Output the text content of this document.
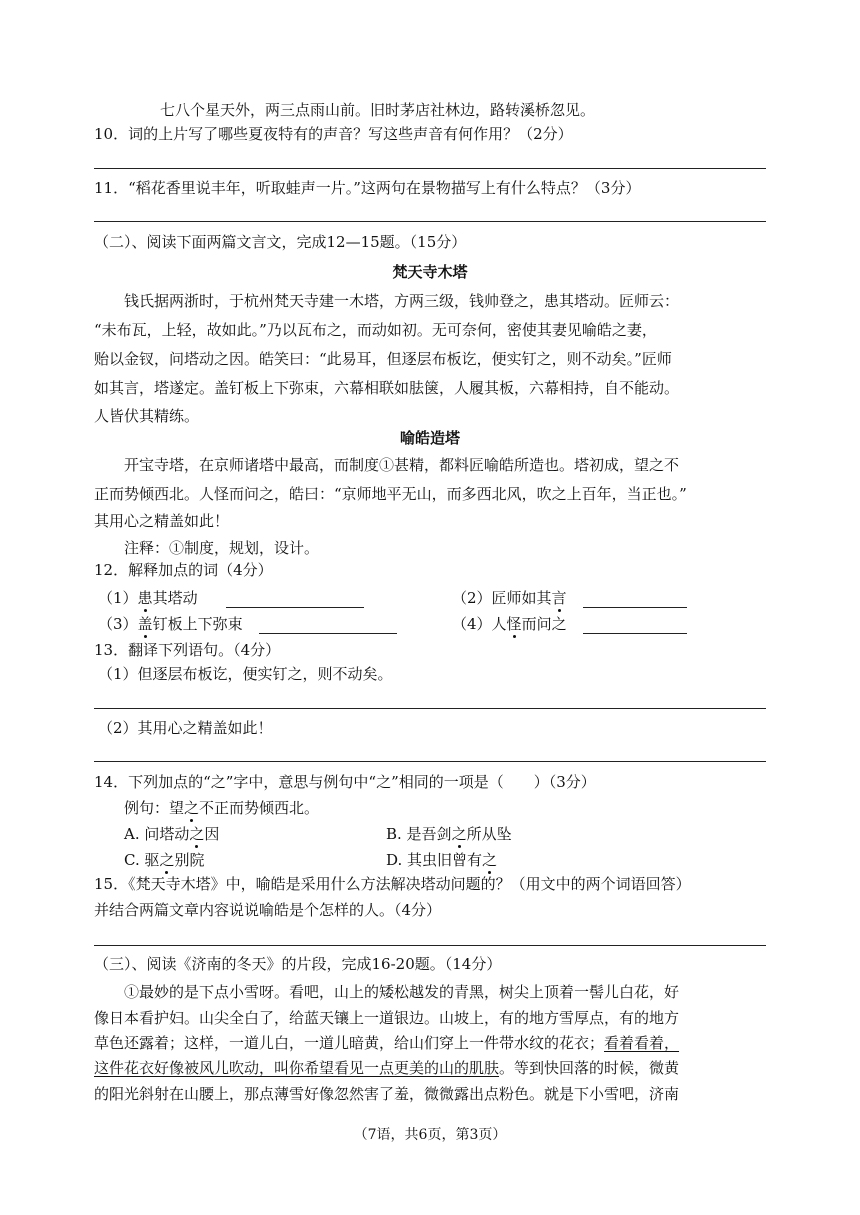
七八个星天外，两三点雨山前。旧时茅店社林边，路转溪桥忽见。
10．词的上片写了哪些夏夜特有的声音？写这些声音有何作用？（2分）
11．“稻花香里说丰年，听取蛙声一片。”这两句在景物描写上有什么特点？（3分）
（二）、阅读下面两篇文言文，完成12—15题。（15分）
梵天寺木塔
钱氏据两浙时，于杭州梵天寺建一木塔，方两三级，钱帅登之，患其塔动。匠师云：
“未布瓦，上轻，故如此。”乃以瓦布之，而动如初。无可奈何，密使其妻见喻皓之妻，
贻以金钗，问塔动之因。皓笑曰：“此易耳，但逐层布板讫，便实钉之，则不动矣。”匠师
如其言，塔遂定。盖钉板上下弥束，六幕相联如胠箧，人履其板，六幕相持，自不能动。
人皆伏其精练。
喻皓造塔
开宝寺塔，在京师诸塔中最高，而制度①甚精，都料匠喻皓所造也。塔初成，望之不
正而势倾西北。人怪而问之，皓曰：“京师地平无山，而多西北风，吹之上百年，当正也。”
其用心之精盖如此！
注释：①制度，规划，设计。
12．解释加点的词（4分）
（1）患其塔动	（2）匠师如其言
（3）盖钉板上下弥束	（4）人怪而问之
13．翻译下列语句。（4分）
（1）但逐层布板讫，便实钉之，则不动矣。
（2）其用心之精盖如此！
14．下列加点的“之”字中，意思与例句中“之”相同的一项是（　　）（3分）
例句：望之不正而势倾西北。
A. 问塔动之因	B. 是吾剑之所从坠
C. 驱之别院	D. 其虫旧曾有之
15．《梵天寺木塔》中，喻皓是采用什么方法解决塔动问题的？（用文中的两个词语回答）
并结合两篇文章内容说说喻皓是个怎样的人。（4分）
（三）、阅读《济南的冬天》的片段，完成16-20题。（14分）
①最妙的是下点小雪呀。看吧，山上的矮松越发的青黑，树尖上顶着一髻儿白花，好
像日本看护妇。山尖全白了，给蓝天镶上一道银边。山坡上，有的地方雪厚点，有的地方
草色还露着；这样，一道儿白，一道儿暗黄，给山们穿上一件带水纹的花衣；看着看着，
这件花衣好像被风儿吹动，叫你希望看见一点更美的山的肌肤。等到快回落的时候，微黄
的阳光斜射在山腰上，那点薄雪好像忽然害了羞，微微露出点粉色。就是下小雪吧，济南
（7语，共6页，第3页）
